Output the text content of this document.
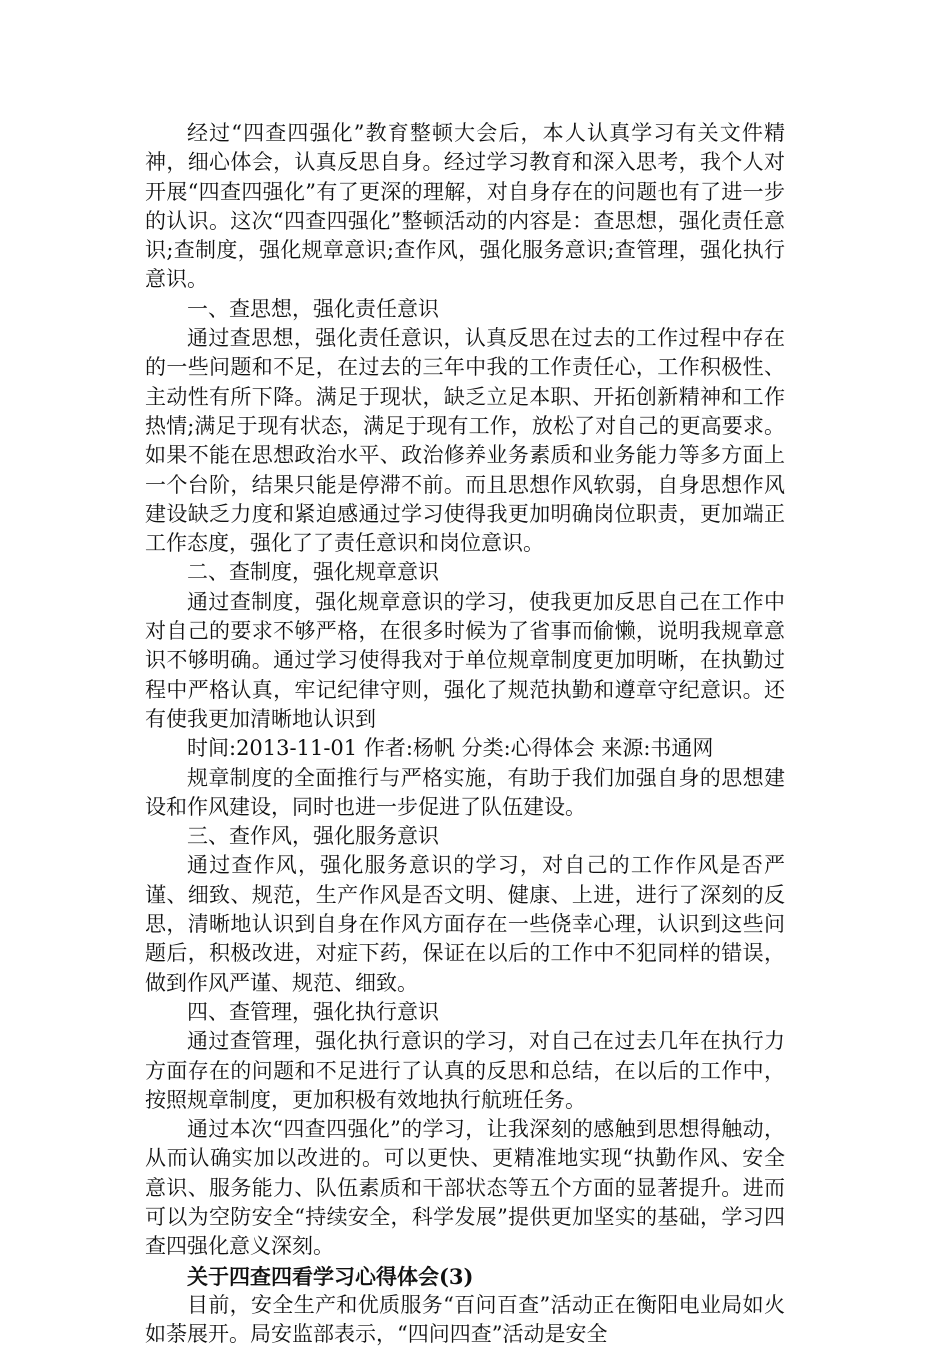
经过“四查四强化”教育整顿大会后，本人认真学习有关文件精神，细心体会，认真反思自身。经过学习教育和深入思考，我个人对开展“四查四强化”有了更深的理解，对自身存在的问题也有了进一步的认识。这次“四查四强化”整顿活动的内容是：查思想，强化责任意识;查制度，强化规章意识;查作风，强化服务意识;查管理，强化执行意识。

一、查思想，强化责任意识

通过查思想，强化责任意识，认真反思在过去的工作过程中存在的一些问题和不足，在过去的三年中我的工作责任心，工作积极性、主动性有所下降。满足于现状，缺乏立足本职、开拓创新精神和工作热情;满足于现有状态，满足于现有工作，放松了对自己的更高要求。如果不能在思想政治水平、政治修养业务素质和业务能力等多方面上一个台阶，结果只能是停滞不前。而且思想作风软弱，自身思想作风建设缺乏力度和紧迫感通过学习使得我更加明确岗位职责，更加端正工作态度，强化了了责任意识和岗位意识。

二、查制度，强化规章意识

通过查制度，强化规章意识的学习，使我更加反思自己在工作中对自己的要求不够严格，在很多时候为了省事而偷懒，说明我规章意识不够明确。通过学习使得我对于单位规章制度更加明晰，在执勤过程中严格认真，牢记纪律守则，强化了规范执勤和遵章守纪意识。还有使我更加清晰地认识到

时间:2013-11-01 作者:杨帆 分类:心得体会 来源:书通网

规章制度的全面推行与严格实施，有助于我们加强自身的思想建设和作风建设，同时也进一步促进了队伍建设。

三、查作风，强化服务意识

通过查作风，强化服务意识的学习，对自己的工作作风是否严谨、细致、规范，生产作风是否文明、健康、上进，进行了深刻的反思，清晰地认识到自身在作风方面存在一些侥幸心理，认识到这些问题后，积极改进，对症下药，保证在以后的工作中不犯同样的错误，做到作风严谨、规范、细致。

四、查管理，强化执行意识

通过查管理，强化执行意识的学习，对自己在过去几年在执行力方面存在的问题和不足进行了认真的反思和总结，在以后的工作中，按照规章制度，更加积极有效地执行航班任务。

通过本次“四查四强化”的学习，让我深刻的感触到思想得触动，从而认确实加以改进的。可以更快、更精准地实现“执勤作风、安全意识、服务能力、队伍素质和干部状态等五个方面的显著提升。进而可以为空防安全“持续安全，科学发展”提供更加坚实的基础，学习四查四强化意义深刻。

关于四查四看学习心得体会(3)

目前，安全生产和优质服务“百问百查”活动正在衡阳电业局如火如荼展开。局安监部表示，“四问四查”活动是安全
